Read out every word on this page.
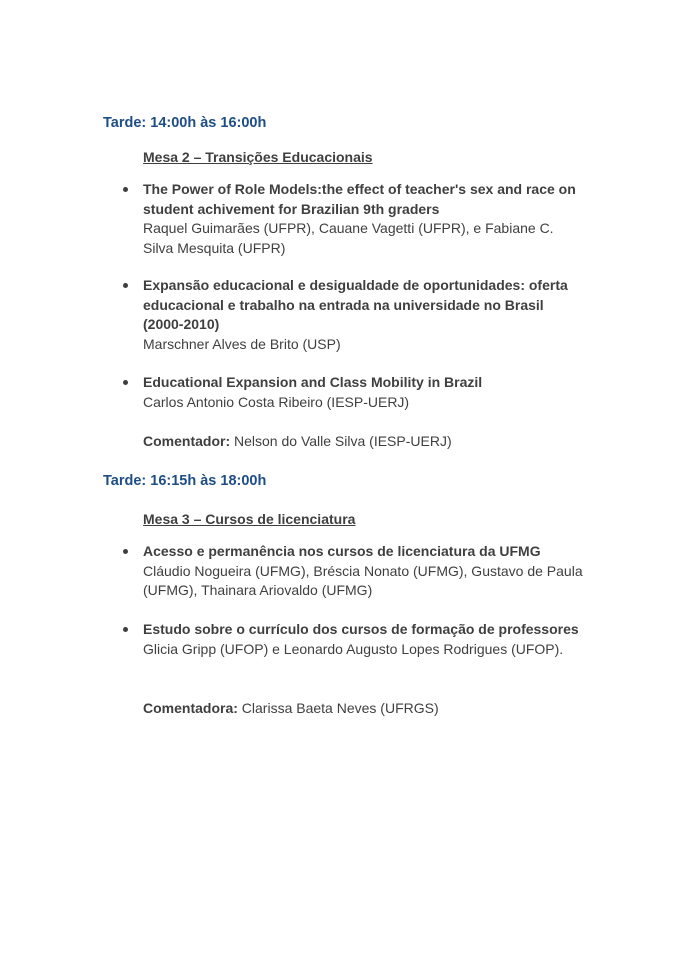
Tarde: 14:00h às 16:00h
Mesa 2 – Transições Educacionais
The Power of Role Models:the effect of teacher's sex and race on student achivement for Brazilian 9th graders
Raquel Guimarães (UFPR), Cauane Vagetti (UFPR), e Fabiane C. Silva Mesquita (UFPR)
Expansão educacional e desigualdade de oportunidades: oferta educacional e trabalho na entrada na universidade no Brasil (2000-2010)
Marschner Alves de Brito (USP)
Educational Expansion and Class Mobility in Brazil
Carlos Antonio Costa Ribeiro (IESP-UERJ)
Comentador: Nelson do Valle Silva (IESP-UERJ)
Tarde: 16:15h às 18:00h
Mesa 3 – Cursos de licenciatura
Acesso e permanência nos cursos de licenciatura da UFMG
Cláudio Nogueira (UFMG), Bréscia Nonato (UFMG), Gustavo de Paula (UFMG), Thainara Ariovaldo (UFMG)
Estudo sobre o currículo dos cursos de formação de professores
Glicia Gripp (UFOP) e Leonardo Augusto Lopes Rodrigues (UFOP).
Comentadora: Clarissa Baeta Neves (UFRGS)
